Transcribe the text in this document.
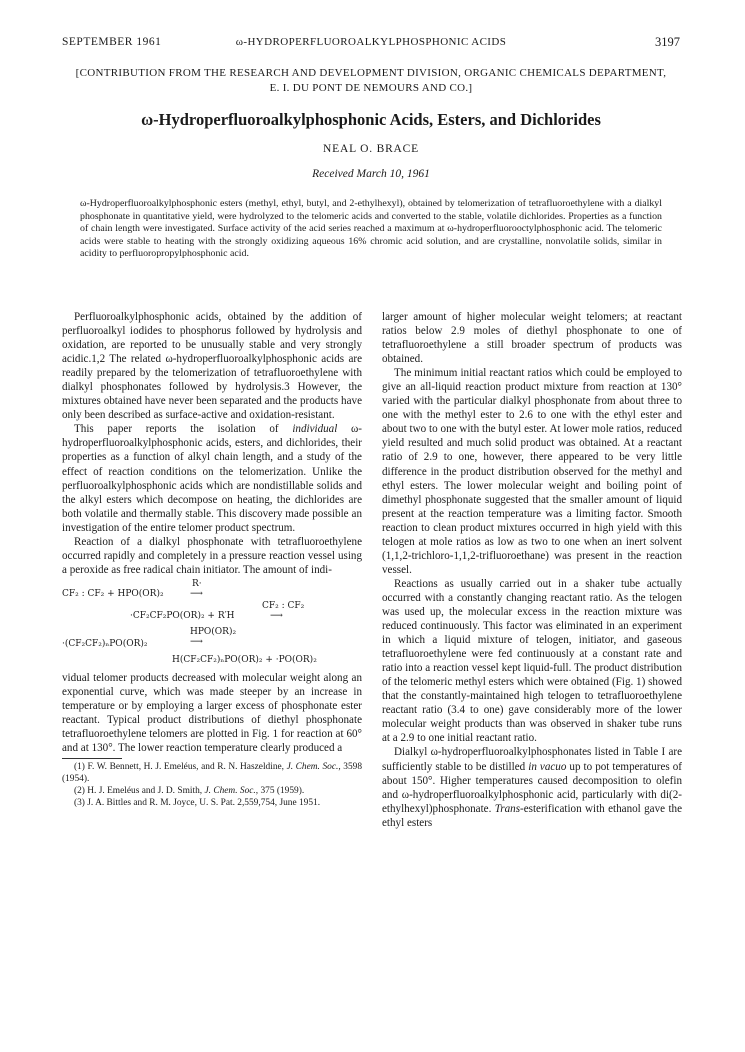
SEPTEMBER 1961	ω-HYDROPERFLUOROALKYLPHOSPHONIC ACIDS	3197
[CONTRIBUTION FROM THE RESEARCH AND DEVELOPMENT DIVISION, ORGANIC CHEMICALS DEPARTMENT,
E. I. DU PONT DE NEMOURS AND CO.]
ω-Hydroperfluoroalkylphosphonic Acids, Esters, and Dichlorides
NEAL O. BRACE
Received March 10, 1961
ω-Hydroperfluoroalkylphosphonic esters (methyl, ethyl, butyl, and 2-ethylhexyl), obtained by telomerization of tetrafluoroethylene with a dialkyl phosphonate in quantitative yield, were hydrolyzed to the telomeric acids and converted to the stable, volatile dichlorides. Properties as a function of chain length were investigated. Surface activity of the acid series reached a maximum at ω-hydroperfluorooctylphosphonic acid. The telomeric acids were stable to heating with the strongly oxidizing aqueous 16% chromic acid solution, and are crystalline, nonvolatile solids, similar in acidity to perfluoropropylphosphonic acid.

Perfluoroalkylphosphonic acids, obtained by the addition of perfluoroalkyl iodides to phosphorus followed by hydrolysis and oxidation, are reported to be unusually stable and very strongly acidic.1,2 The related ω-hydroperfluoroalkylphosphonic acids are readily prepared by the telomerization of tetrafluoroethylene with dialkyl phosphonates followed by hydrolysis.3 However, the mixtures obtained have never been separated and the products have only been described as surface-active and oxidation-resistant.

This paper reports the isolation of individual ω-hydroperfluoroalkylphosphonic acids, esters, and dichlorides, their properties as a function of alkyl chain length, and a study of the effect of reaction conditions on the telomerization. Unlike the perfluoroalkylphosphonic acids which are nondistillable solids and the alkyl esters which decompose on heating, the dichlorides are both volatile and thermally stable. This discovery made possible an investigation of the entire telomer product spectrum.

Reaction of a dialkyl phosphonate with tetrafluoroethylene occurred rapidly and completely in a pressure reaction vessel using a peroxide as free radical chain initiator. The amount of indi-

R·
CF₂ : CF₂ + HPO(OR)₂	⟶
CF₂ : CF₂
·CF₂CF₂PO(OR)₂ + R′H	⟶
HPO(OR)₂
·(CF₂CF₂)ₙPO(OR)₂	⟶
H(CF₂CF₂)ₙPO(OR)₂ + ·PO(OR)₂

vidual telomer products decreased with molecular weight along an exponential curve, which was made steeper by an increase in temperature or by employing a larger excess of phosphonate ester reactant. Typical product distributions of diethyl phosphonate tetrafluoroethylene telomers are plotted in Fig. 1 for reaction at 60° and at 130°. The lower reaction temperature clearly produced a

(1) F. W. Bennett, H. J. Emeléus, and R. N. Haszeldine, J. Chem. Soc., 3598 (1954).

(2) H. J. Emeléus and J. D. Smith, J. Chem. Soc., 375 (1959).

(3) J. A. Bittles and R. M. Joyce, U. S. Pat. 2,559,754, June 1951.

larger amount of higher molecular weight telomers; at reactant ratios below 2.9 moles of diethyl phosphonate to one of tetrafluoroethylene a still broader spectrum of products was obtained.

The minimum initial reactant ratios which could be employed to give an all-liquid reaction product mixture from reaction at 130° varied with the particular dialkyl phosphonate from about three to one with the methyl ester to 2.6 to one with the ethyl ester and about two to one with the butyl ester. At lower mole ratios, reduced yield resulted and much solid product was obtained. At a reactant ratio of 2.9 to one, however, there appeared to be very little difference in the product distribution observed for the methyl and ethyl esters. The lower molecular weight and boiling point of dimethyl phosphonate suggested that the smaller amount of liquid present at the reaction temperature was a limiting factor. Smooth reaction to clean product mixtures occurred in high yield with this telogen at mole ratios as low as two to one when an inert solvent (1,1,2-trichloro-1,1,2-trifluoroethane) was present in the reaction vessel.

Reactions as usually carried out in a shaker tube actually occurred with a constantly changing reactant ratio. As the telogen was used up, the molecular excess in the reaction mixture was reduced continuously. This factor was eliminated in an experiment in which a liquid mixture of telogen, initiator, and gaseous tetrafluoroethylene were fed continuously at a constant rate and ratio into a reaction vessel kept liquid-full. The product distribution of the telomeric methyl esters which were obtained (Fig. 1) showed that the constantly-maintained high telogen to tetrafluoroethylene reactant ratio (3.4 to one) gave considerably more of the lower molecular weight products than was observed in shaker tube runs at a 2.9 to one initial reactant ratio.

Dialkyl ω-hydroperfluoroalkylphosphonates listed in Table I are sufficiently stable to be distilled in vacuo up to pot temperatures of about 150°. Higher temperatures caused decomposition to olefin and ω-hydroperfluoroalkylphosphonic acid, particularly with di(2-ethylhexyl)phosphonate. Trans-esterification with ethanol gave the ethyl esters
